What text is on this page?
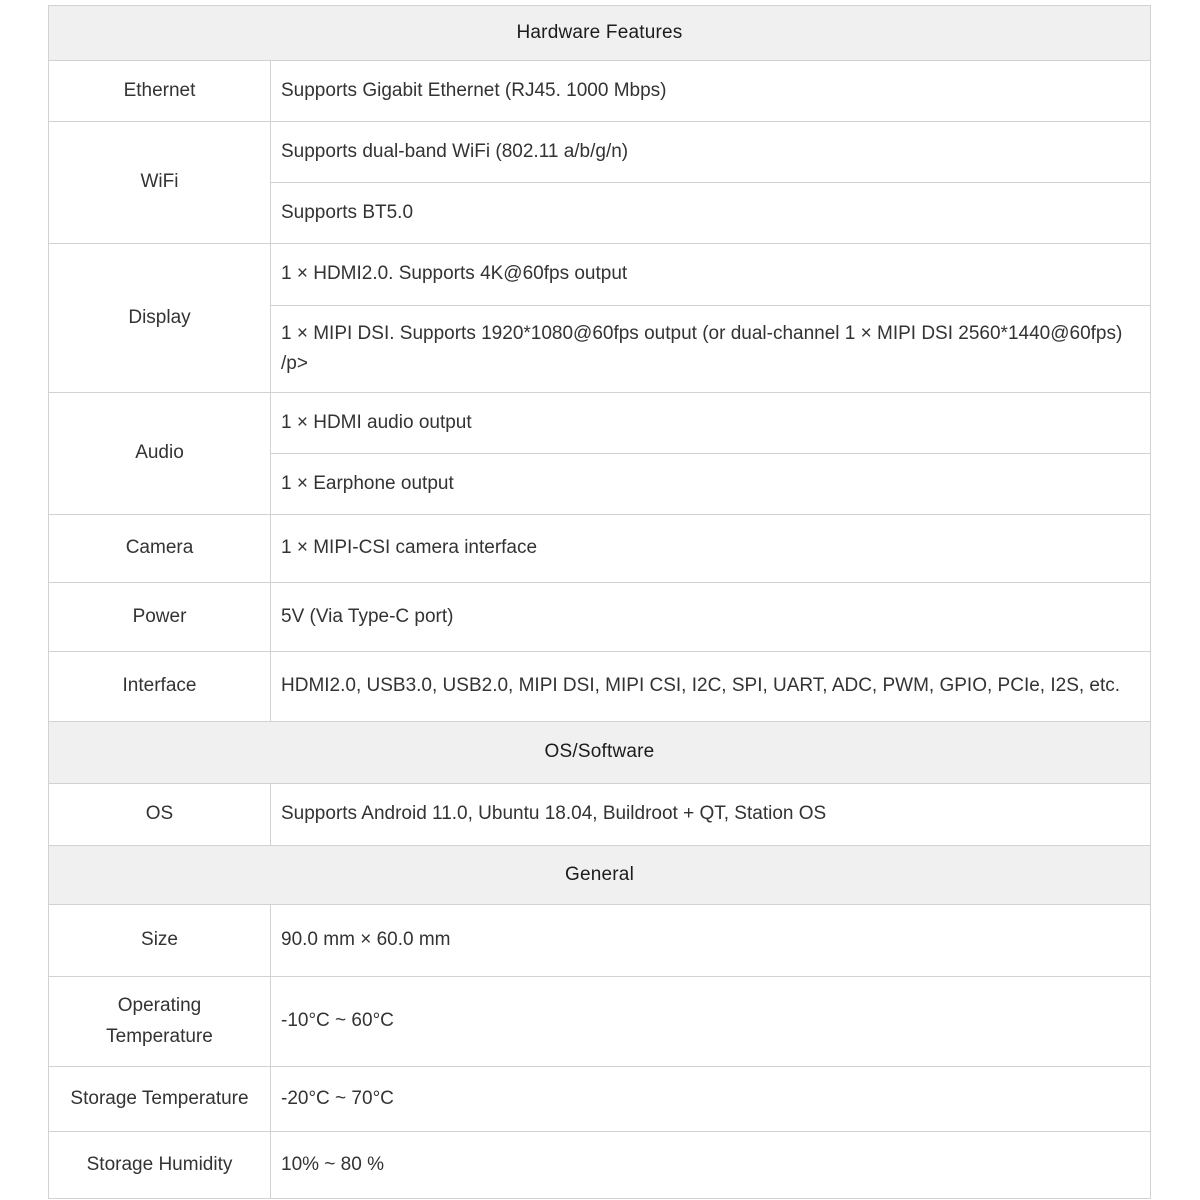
Hardware Features	
Ethernet	Supports Gigabit Ethernet (RJ45. 1000 Mbps)
WiFi	Supports dual-band WiFi (802.11 a/b/g/n)
	Supports BT5.0
Display	1 × HDMI2.0. Supports 4K@60fps output
	1 × MIPI DSI. Supports 1920*1080@60fps output (or dual-channel 1 × MIPI DSI 2560*1440@60fps) /p>
Audio	1 × HDMI audio output
	1 × Earphone output
Camera	1 × MIPI-CSI camera interface
Power	5V (Via Type-C port)
Interface	HDMI2.0, USB3.0, USB2.0, MIPI DSI, MIPI CSI, I2C, SPI, UART, ADC, PWM, GPIO, PCIe, I2S, etc.
OS/Software	
OS	Supports Android 11.0, Ubuntu 18.04, Buildroot + QT, Station OS
General	
Size	90.0 mm × 60.0 mm
Operating Temperature	-10°C ~ 60°C
Storage Temperature	-20°C ~ 70°C
Storage Humidity	10% ~ 80 %
